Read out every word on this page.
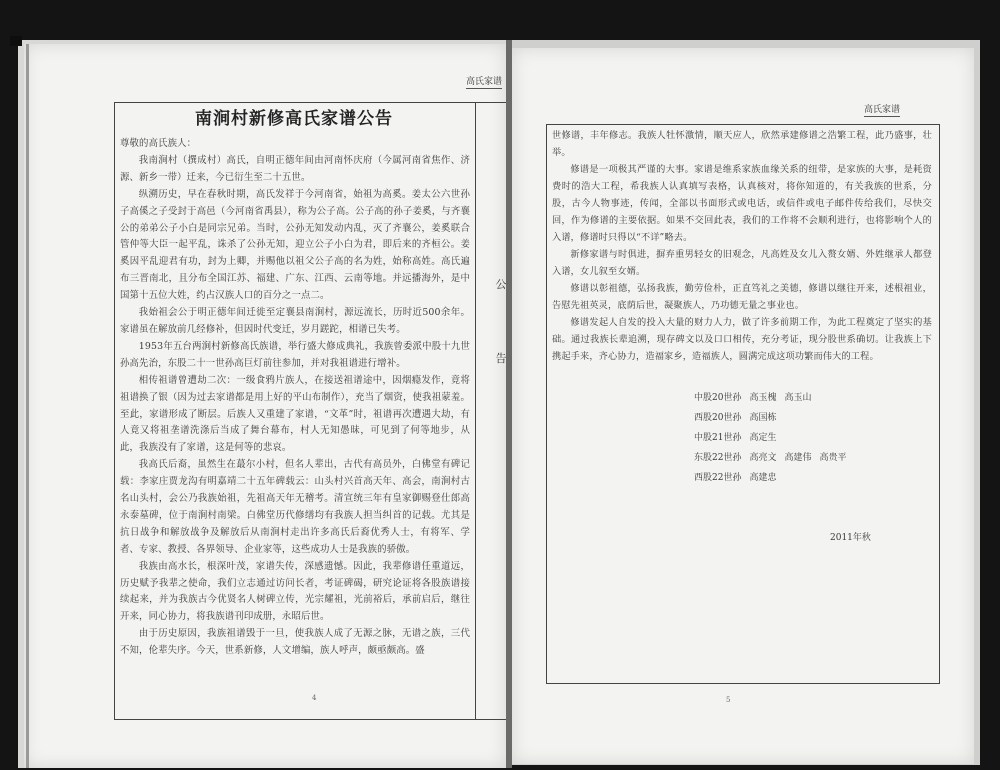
高氏家谱
南涧村新修高氏家谱公告
公
告

尊敬的高氏族人：

我南涧村（撰成村）高氏，自明正德年间由河南怀庆府（今属河南省焦作、济源、新乡一带）迁来，今已衍生至二十五世。

纵溯历史，早在春秋时期，高氏发祥于今河南省，始祖为高奚。姜太公六世孙子高傒之子受封于高邑（今河南省禹县），称为公子高。公子高的孙子姜奚，与齐襄公的弟弟公子小白是同宗兄弟。当时，公孙无知发动内乱，灭了齐襄公，姜奚联合管仲等大臣一起平乱，诛杀了公孙无知，迎立公子小白为君，即后来的齐桓公。姜奚因平乱迎君有功，封为上卿，并赐他以祖父公子高的名为姓，始称高姓。高氏遍布三晋南北，且分布全国江苏、福建、广东、江西、云南等地。并远播海外，是中国第十五位大姓，约占汉族人口的百分之一点二。

我始祖会公于明正德年间迁徙至定襄县南涧村，源远流长，历时近500余年。家谱虽在解放前几经修补，但因时代变迁，岁月蹉跎，相谱已失考。

1953年五台两涧村新修高氏族谱，举行盛大修成典礼，我族曾委派中股十九世孙高先治，东股二十一世孙高巨灯前往参加，并对我祖谱进行增补。

相传祖谱曾遭劫二次：一级食鸦片族人，在接送祖谱途中，因烟瘾发作，竟将祖谱换了银（因为过去家谱都是用上好的平山布制作），充当了烟资，使我祖蒙羞。至此，家谱形成了断层。后族人又重建了家谱，“文革”时，祖谱再次遭遇大劫，有人竟又将祖垄谱洗涤后当成了舞台幕布，村人无知愚昧，可见到了何等地步，从此，我族没有了家谱，这是何等的悲哀。

我高氏后裔，虽然生在蕞尔小村，但名人辈出，古代有高员外，白佛堂有碑记载：李家庄贾龙沟有明嘉靖二十五年碑载云：山头村兴首高天年、高会，南涧村古名山头村，会公乃我族始祖，先祖高天年无稽考。清宣统三年有皇家御赐登仕郎高永泰墓碑，位于南涧村南梁。白佛堂历代修缮均有我族人担当纠首的记载。尤其是抗日战争和解放战争及解放后从南涧村走出许多高氏后裔优秀人士，有将军、学者、专家、教授、各界领导、企业家等，这些成功人士是我族的骄傲。

我族由高水长，根深叶茂，家谱失传，深感遗憾。因此，我辈修谱任重道远，历史赋予我辈之使命，我们立志通过访问长者，考证碑碣，研究论证将各股族谱接续起来，并为我族古今优贤名人树碑立传，光宗耀祖，光前裕后，承前启后，继往开来，同心协力，将我族谱刊印成册，永昭后世。

由于历史原因，我族祖谱毁于一旦，使我族人成了无源之脉，无谱之族，三代不知，伦辈失序。今天，世系新修，人文增编，族人呼声，颇亟颇高。盛

4
高氏家谱

世修谱，丰年修志。我族人牡怀激情，顺天应人，欣然承建修谱之浩繁工程，此乃盛事，壮举。

修谱是一项极其严谨的大事。家谱是维系家族血缘关系的纽带，是家族的大事，是耗资费时的浩大工程，希我族人认真填写表格，认真核对，将你知道的，有关我族的世系，分股，古今人物事迹，传闻，全部以书面形式或电话，或信件或电子邮件传给我们，尽快交回，作为修谱的主要依据。如果不交回此表，我们的工作将不会顺利进行，也将影响个人的入谱，修谱时只得以“不详”略去。

新修家谱与时俱进，摒弃重男轻女的旧观念，凡高姓及女儿入赘女婿、外姓继承人都登入谱，女儿叙至女婿。

修谱以彰祖德，弘扬我族，勤劳俭朴，正直笃礼之美德，修谱以继往开来，述根祖业，告慰先祖英灵，底荫后世，凝聚族人，乃功德无量之事业也。

修谱发起人自发的投入大量的财力人力，做了许多前期工作，为此工程奠定了坚实的基础。通过我族长辈追溯，现存碑文以及口口相传，充分考证，现分股世系确切。让我族上下携起手来，齐心协力，造福家乡，造福族人，圆满完成这项功繁而伟大的工程。

中股20世孙	高玉槐	高玉山	
西股20世孙	高国栋		
中股21世孙	高定生		
东股22世孙	高亮文	高建伟	高贵平
西股22世孙	高建忠		
2011年秋
5
